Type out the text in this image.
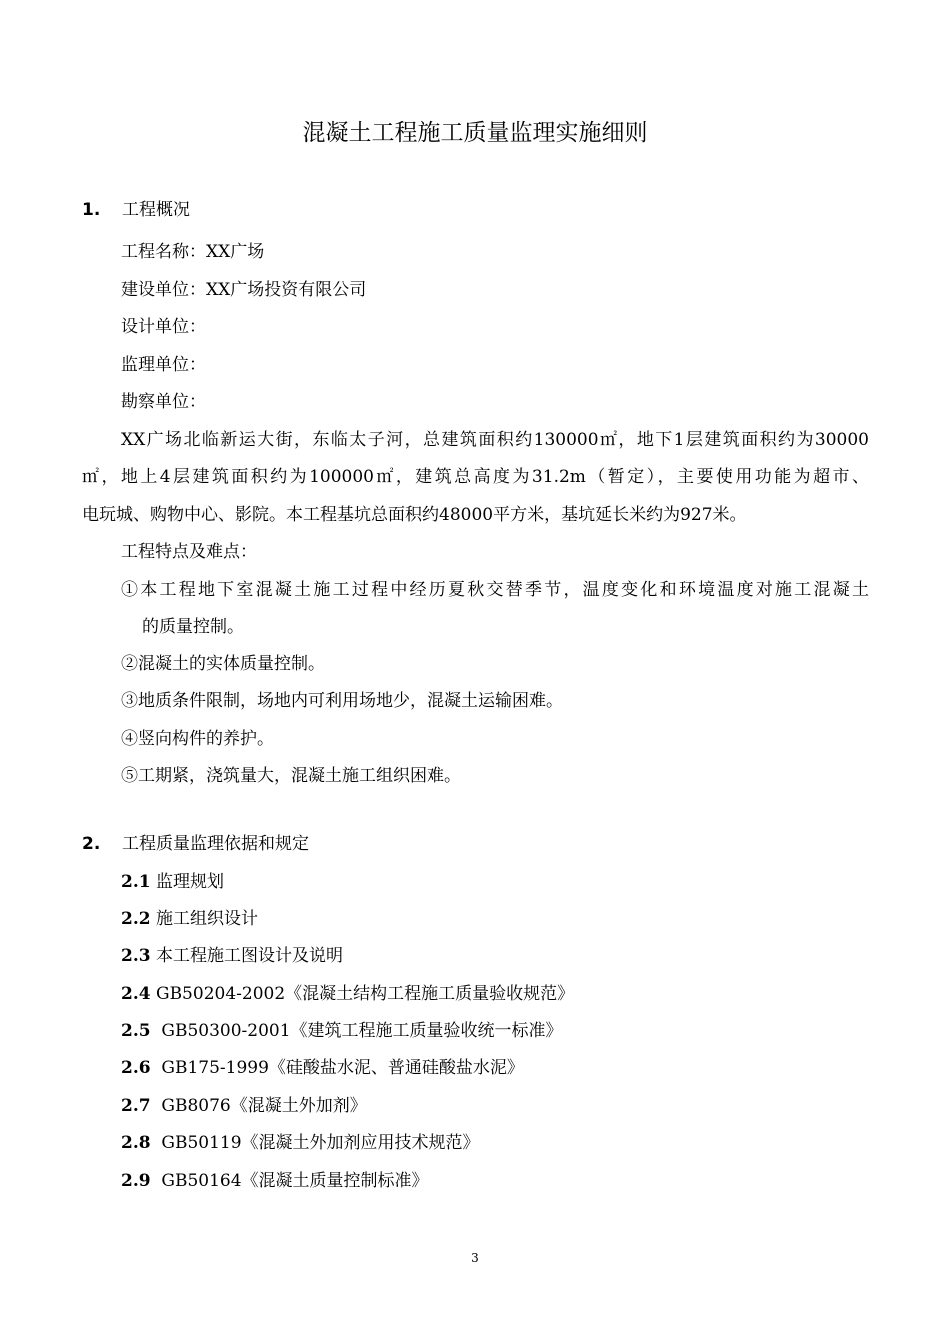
混凝土工程施工质量监理实施细则
1. 工程概况
工程名称：XX广场
建设单位：XX广场投资有限公司
设计单位：
监理单位：
勘察单位：
XX广场北临新运大街，东临太子河，总建筑面积约130000㎡，地下1层建筑面积约为30000
㎡，地上4层建筑面积约为100000㎡，建筑总高度为31.2m（暂定），主要使用功能为超市、
电玩城、购物中心、影院。本工程基坑总面积约48000平方米，基坑延长米约为927米。
工程特点及难点：
①本工程地下室混凝土施工过程中经历夏秋交替季节，温度变化和环境温度对施工混凝土
的质量控制。
②混凝土的实体质量控制。
③地质条件限制，场地内可利用场地少，混凝土运输困难。
④竖向构件的养护。
⑤工期紧，浇筑量大，混凝土施工组织困难。
2. 工程质量监理依据和规定
2.1 监理规划
2.2 施工组织设计
2.3 本工程施工图设计及说明
2.4 GB50204-2002《混凝土结构工程施工质量验收规范》
2.5 GB50300-2001《建筑工程施工质量验收统一标准》
2.6 GB175-1999《硅酸盐水泥、普通硅酸盐水泥》
2.7 GB8076《混凝土外加剂》
2.8 GB50119《混凝土外加剂应用技术规范》
2.9 GB50164《混凝土质量控制标准》
3
